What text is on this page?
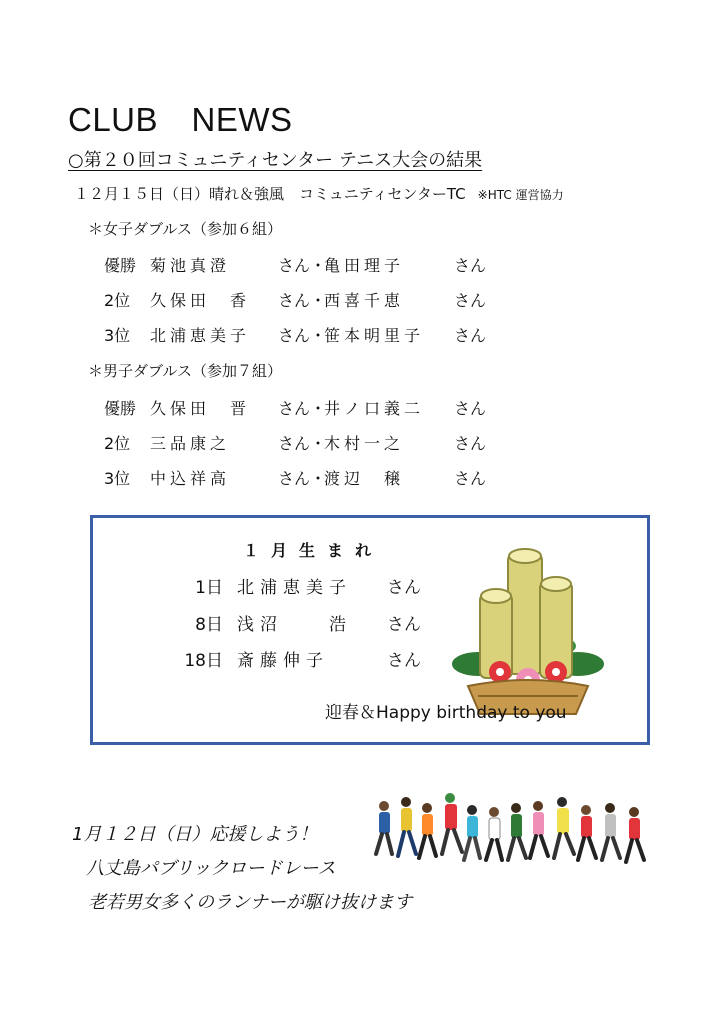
CLUB　NEWS
○第２０回コミュニティセンター テニス大会の結果
１２月１５日（日）晴れ＆強風　コミュニティセンターTC ※HTC 運営協力
＊女子ダブルス（参加６組）
優勝 菊池真澄	さん・亀田理子	さん
2位 久保田　香 さん・西喜千恵	さん
3位 北浦恵美子 さん・笹本明里子 さん
＊男子ダブルス（参加７組）
優勝 久保田　晋 さん・井ノ口義二 さん
2位 三品康之	さん・木村一之	さん
3位 中込祥高	さん・渡辺　穣	さん
１月生まれ
1日 北浦恵美子 さん
8日 浅沼　　浩 さん
18日 斎藤伸子	さん
迎春＆Happy birthday to you
1月１２日（日）応援しよう！
八丈島パブリックロードレース
老若男女多くのランナーが駆け抜けます
